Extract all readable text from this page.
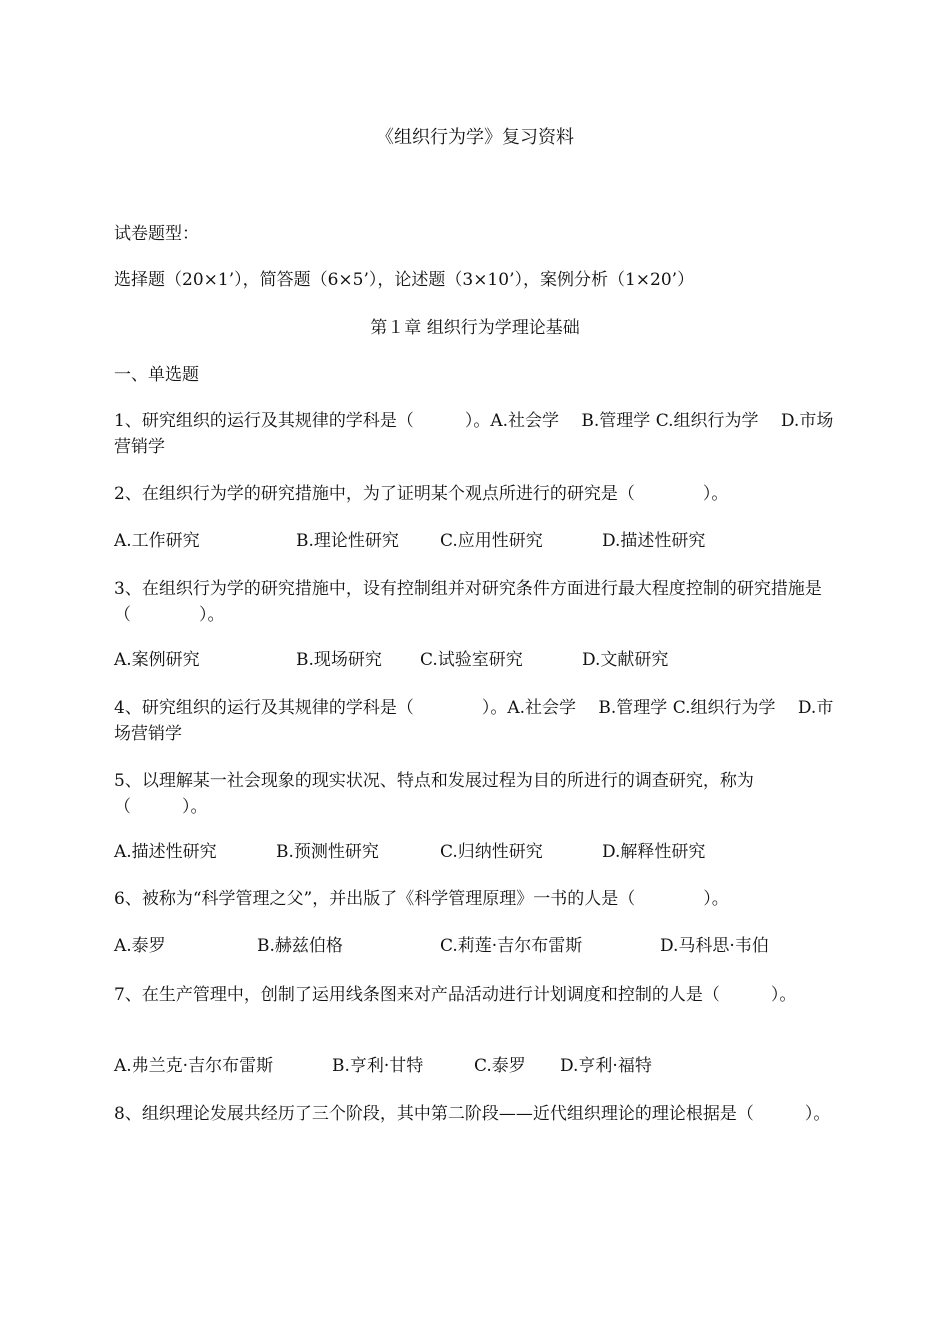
《组织行为学》复习资料
试卷题型：
选择题（20×1’），简答题（6×5’），论述题（3×10’），案例分析（1×20’）
第１章 组织行为学理论基础
一、单选题
1、研究组织的运行及其规律的学科是（　　　）。A.社会学　 B.管理学 C.组织行为学　 D.市场营销学
2、在组织行为学的研究措施中，为了证明某个观点所进行的研究是（　　　　）。
A.工作研究	B.理论性研究 C.应用性研究	D.描述性研究
3、在组织行为学的研究措施中，设有控制组并对研究条件方面进行最大程度控制的研究措施是（　　　　）。
A.案例研究	B.现场研究 C.试验室研究	D.文献研究
4、研究组织的运行及其规律的学科是（　　　　）。A.社会学　 B.管理学 C.组织行为学　 D.市场营销学
5、以理解某一社会现象的现实状况、特点和发展过程为目的所进行的调查研究，称为（　　　）。
A.描述性研究	B.预测性研究	C.归纳性研究	D.解释性研究
6、被称为“科学管理之父”，并出版了《科学管理原理》一书的人是（　　　　）。
A.泰罗	B.赫兹伯格	C.莉莲·吉尔布雷斯	D.马科思·韦伯
7、在生产管理中，创制了运用线条图来对产品活动进行计划调度和控制的人是（　　　）。
A.弗兰克·吉尔布雷斯	B.亨利·甘特	C.泰罗 D.亨利·福特
8、组织理论发展共经历了三个阶段，其中第二阶段——近代组织理论的理论根据是（　　　）。
